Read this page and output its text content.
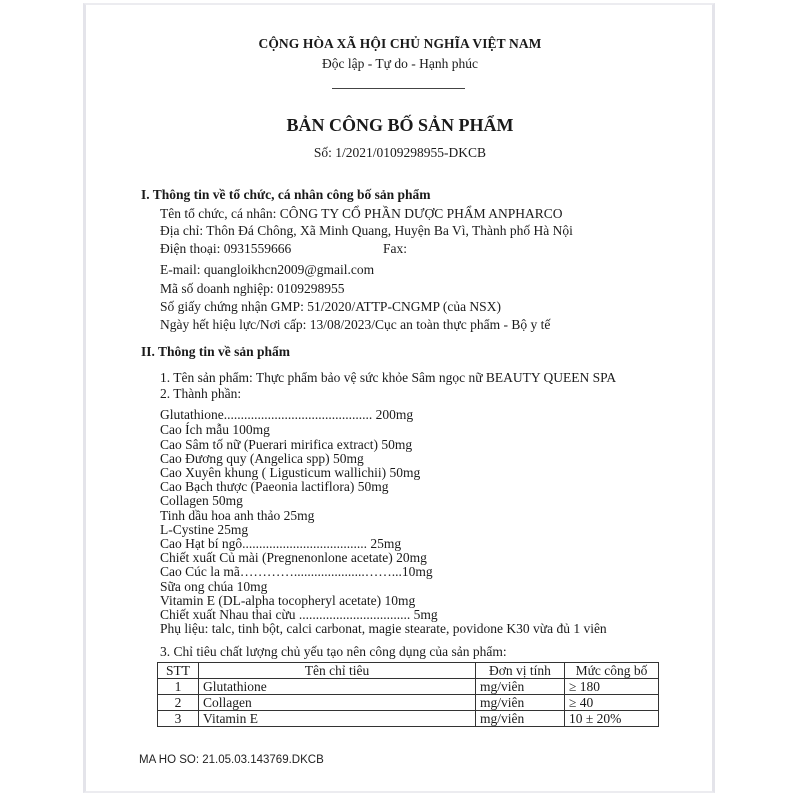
CỘNG HÒA XÃ HỘI CHỦ NGHĨA VIỆT NAM
Độc lập - Tự do - Hạnh phúc
BẢN CÔNG BỐ SẢN PHẨM
Số: 1/2021/0109298955-DKCB
I. Thông tin về tổ chức, cá nhân công bố sản phẩm
Tên tổ chức, cá nhân: CÔNG TY CỔ PHẦN DƯỢC PHẨM ANPHARCO
Địa chỉ: Thôn Đá Chông, Xã Minh Quang, Huyện Ba Vì, Thành phố Hà Nội
Điện thoại: 0931559666	Fax:
E-mail: quangloikhcn2009@gmail.com
Mã số doanh nghiệp: 0109298955
Số giấy chứng nhận GMP: 51/2020/ATTP-CNGMP (của NSX)
Ngày hết hiệu lực/Nơi cấp: 13/08/2023/Cục an toàn thực phẩm - Bộ y tế
II. Thông tin về sản phẩm
1. Tên sản phẩm: Thực phẩm bảo vệ sức khỏe Sâm ngọc nữ BEAUTY QUEEN SPA
2. Thành phần:
Glutathione............................................ 200mg
Cao Ích mẫu 100mg
Cao Sâm tố nữ (Puerari mirifica extract) 50mg
Cao Đương quy (Angelica spp) 50mg
Cao Xuyên khung ( Ligusticum wallichii) 50mg
Cao Bạch thược (Paeonia lactiflora) 50mg
Collagen 50mg
Tinh dầu hoa anh thảo 25mg
L-Cystine 25mg
Cao Hạt bí ngô..................................... 25mg
Chiết xuất Củ mài (Pregnenonlone acetate) 20mg
Cao Cúc la mã………….....................……...10mg
Sữa ong chúa 10mg
Vitamin E (DL-alpha tocopheryl acetate) 10mg
Chiết xuất Nhau thai cừu ................................. 5mg
Phụ liệu: talc, tinh bột, calci carbonat, magie stearate, povidone K30 vừa đủ 1 viên
3. Chỉ tiêu chất lượng chủ yếu tạo nên công dụng của sản phẩm:
STT	Tên chỉ tiêu	Đơn vị tính	Mức công bố
1	Glutathione	mg/viên	≥ 180
2	Collagen	mg/viên	≥ 40
3	Vitamin E	mg/viên	10 ± 20%
MA HO SO: 21.05.03.143769.DKCB
